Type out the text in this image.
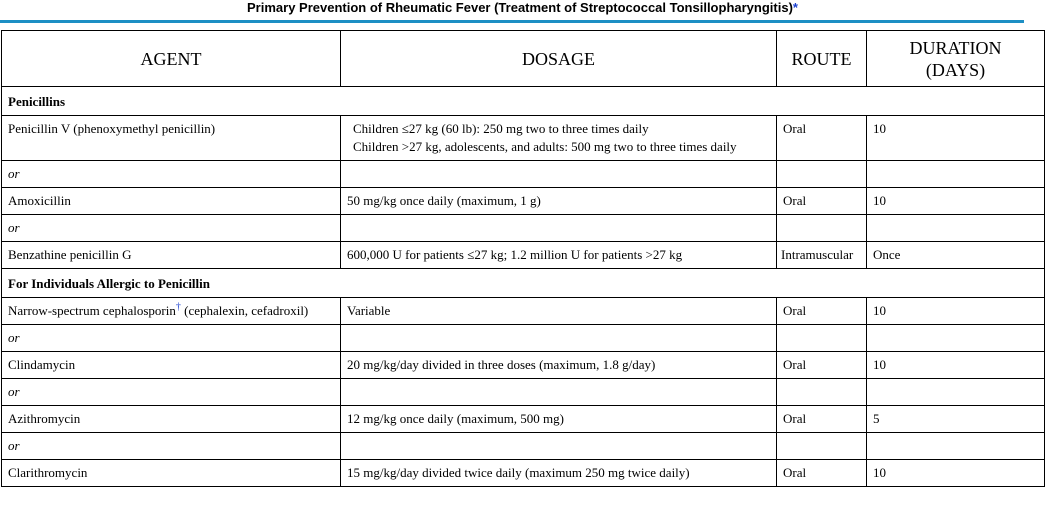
Primary Prevention of Rheumatic Fever (Treatment of Streptococcal Tonsillopharyngitis)*
AGENT	DOSAGE	ROUTE	DURATION
(DAYS)
Penicillins			
Penicillin V (phenoxymethyl penicillin)	Children ≤27 kg (60 lb): 250 mg two to three times daily
Children >27 kg, adolescents, and adults: 500 mg two to three times daily	Oral	10
or			
Amoxicillin	50 mg/kg once daily (maximum, 1 g)	Oral	10
or			
Benzathine penicillin G	600,000 U for patients ≤27 kg; 1.2 million U for patients >27 kg	Intramuscular	Once
For Individuals Allergic to Penicillin			
Narrow-spectrum cephalosporin† (cephalexin, cefadroxil)	Variable	Oral	10
or			
Clindamycin	20 mg/kg/day divided in three doses (maximum, 1.8 g/day)	Oral	10
or			
Azithromycin	12 mg/kg once daily (maximum, 500 mg)	Oral	5
or			
Clarithromycin	15 mg/kg/day divided twice daily (maximum 250 mg twice daily)	Oral	10
